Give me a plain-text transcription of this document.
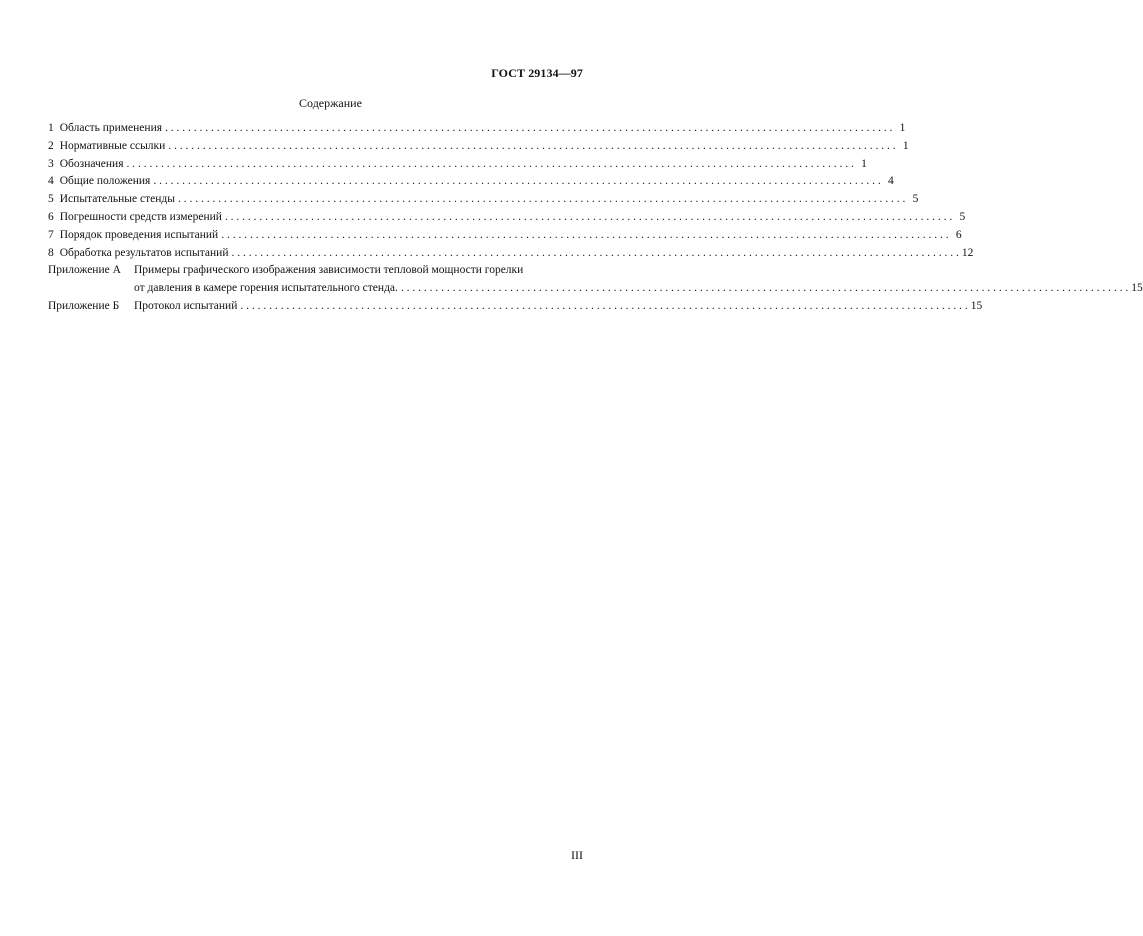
ГОСТ 29134—97
Содержание
1 Область применения . . .	1
2 Нормативные ссылки . . .	1
3 Обозначения . . .	1
4 Общие положения . . .	4
5 Испытательные стенды . . .	5
6 Погрешности средств измерений . . .	5
7 Порядок проведения испытаний . . .	6
8 Обработка результатов испытаний . . .	12
Приложение А	Примеры графического изображения зависимости тепловой мощности горелки
от давления в камере горения испытательного стенда. . . .	15
Приложение Б	Протокол испытаний . . .	15
III
